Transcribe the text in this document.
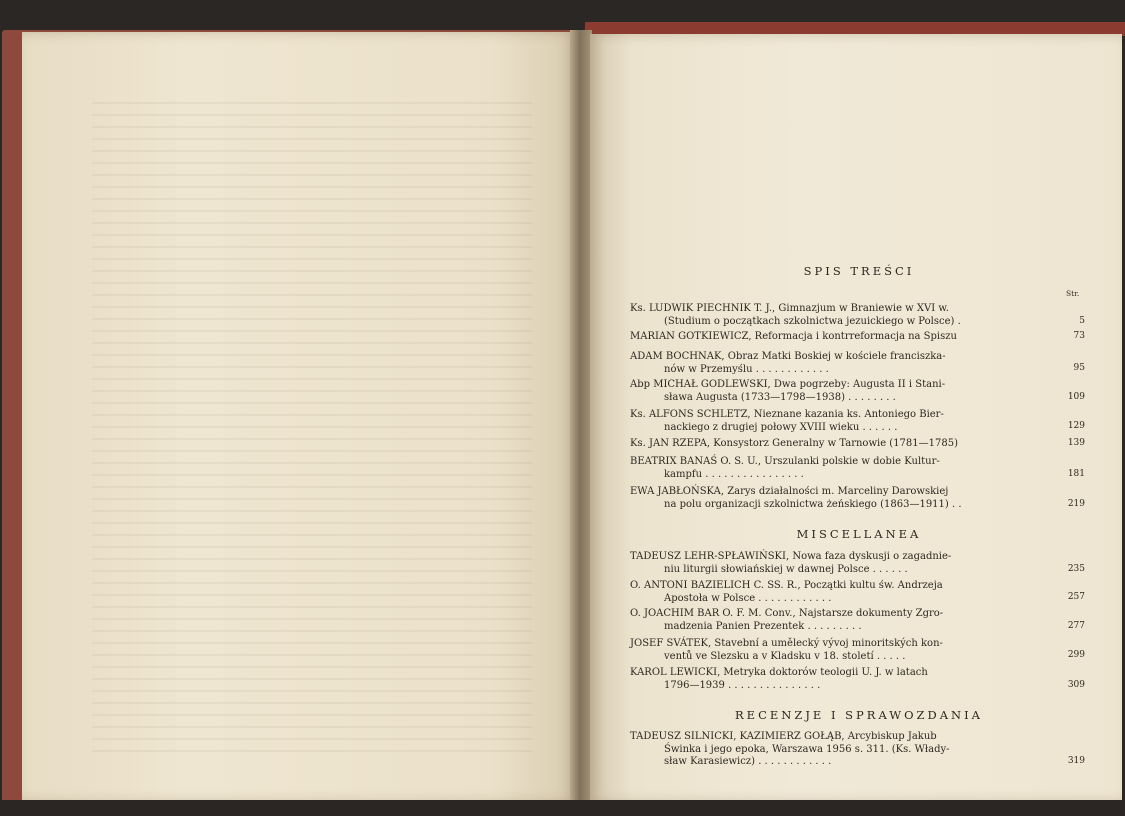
SPIS TREŚCI
Str.
Ks. LUDWIK PIECHNIK T. J., Gimnazjum w Braniewie w XVI w.
(Studium o początkach szkolnictwa jezuickiego w Polsce) .	5
MARIAN GOTKIEWICZ, Reformacja i kontrreformacja na Spiszu	73
ADAM BOCHNAK, Obraz Matki Boskiej w kościele franciszka-
nów w Przemyślu . . . . . . . . . . . .	95
Abp MICHAŁ GODLEWSKI, Dwa pogrzeby: Augusta II i Stani-
sława Augusta (1733—1798—1938) . . . . . . . .	109
Ks. ALFONS SCHLETZ, Nieznane kazania ks. Antoniego Bier-
nackiego z drugiej połowy XVIII wieku . . . . . .	129
Ks. JAN RZEPA, Konsystorz Generalny w Tarnowie (1781—1785)	139
BEATRIX BANAŚ O. S. U., Urszulanki polskie w dobie Kultur-
kampfu . . . . . . . . . . . . . . . .	181
EWA JABŁOŃSKA, Zarys działalności m. Marceliny Darowskiej
na polu organizacji szkolnictwa żeńskiego (1863—1911) . .	219
MISCELLANEA
TADEUSZ LEHR-SPŁAWIŃSKI, Nowa faza dyskusji o zagadnie-
niu liturgii słowiańskiej w dawnej Polsce . . . . . .	235
O. ANTONI BAZIELICH C. SS. R., Początki kultu św. Andrzeja
Apostoła w Polsce . . . . . . . . . . . .	257
O. JOACHIM BAR O. F. M. Conv., Najstarsze dokumenty Zgro-
madzenia Panien Prezentek . . . . . . . . .	277
JOSEF SVÁTEK, Stavební a umělecký vývoj minoritských kon-
ventů ve Slezsku a v Kladsku v 18. století . . . . .	299
KAROL LEWICKI, Metryka doktorów teologii U. J. w latach
1796—1939 . . . . . . . . . . . . . . .	309
RECENZJE I SPRAWOZDANIA
TADEUSZ SILNICKI, KAZIMIERZ GOŁĄB, Arcybiskup Jakub
Świnka i jego epoka, Warszawa 1956 s. 311. (Ks. Włady-
sław Karasiewicz) . . . . . . . . . . . .	319
